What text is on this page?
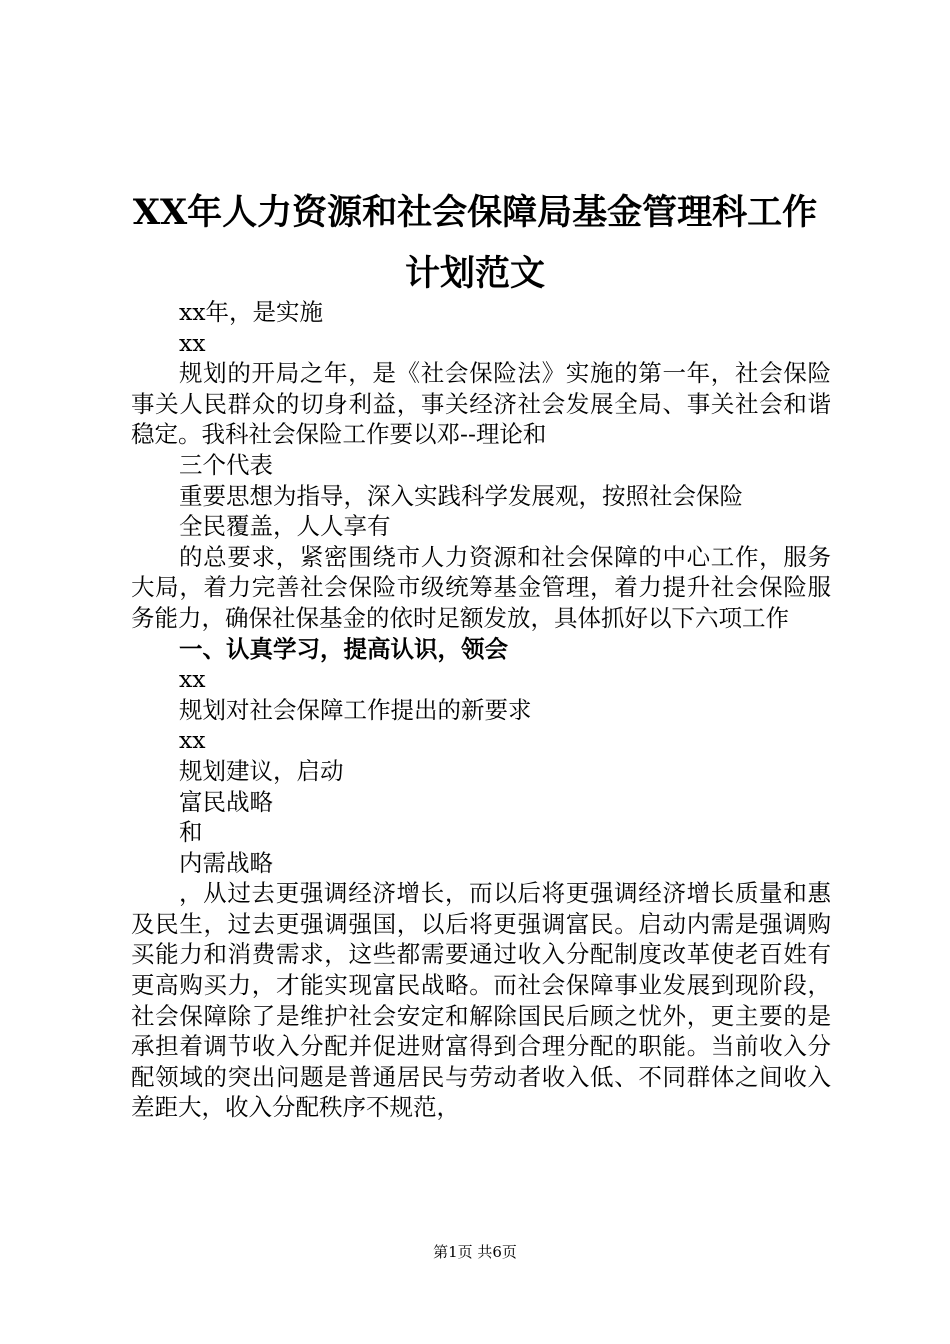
XX年人力资源和社会保障局基金管理科工作
计划范文

xx年，是实施

xx

规划的开局之年，是《社会保险法》实施的第一年，社会保险事关人民群众的切身利益，事关经济社会发展全局、事关社会和谐稳定。我科社会保险工作要以邓--理论和

三个代表

重要思想为指导，深入实践科学发展观，按照社会保险

全民覆盖，人人享有

的总要求，紧密围绕市人力资源和社会保障的中心工作，服务大局，着力完善社会保险市级统筹基金管理，着力提升社会保险服务能力，确保社保基金的依时足额发放，具体抓好以下六项工作

一、认真学习，提高认识，领会

xx

规划对社会保障工作提出的新要求

xx

规划建议，启动

富民战略

和

内需战略

，从过去更强调经济增长，而以后将更强调经济增长质量和惠及民生，过去更强调强国，以后将更强调富民。启动内需是强调购买能力和消费需求，这些都需要通过收入分配制度改革使老百姓有更高购买力，才能实现富民战略。而社会保障事业发展到现阶段，社会保障除了是维护社会安定和解除国民后顾之忧外，更主要的是承担着调节收入分配并促进财富得到合理分配的职能。当前收入分配领域的突出问题是普通居民与劳动者收入低、不同群体之间收入差距大，收入分配秩序不规范，

第1页 共6页
